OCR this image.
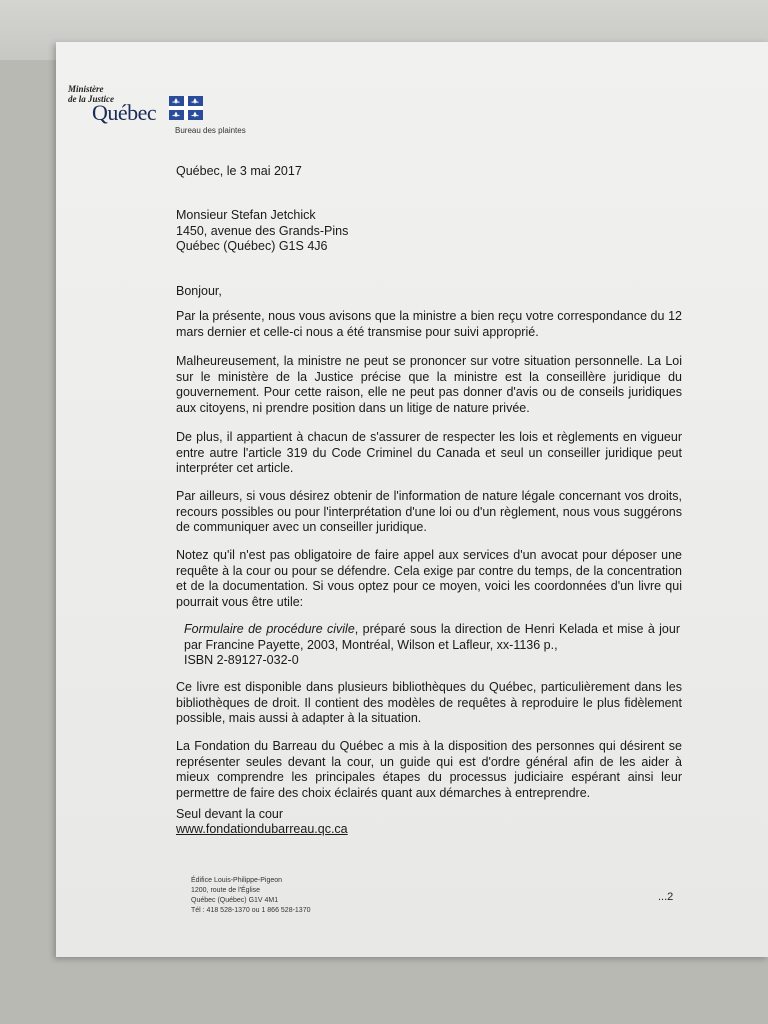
Ministère
de la Justice
Québec
Bureau des plaintes
Québec, le 3 mai 2017
Monsieur Stefan Jetchick
1450, avenue des Grands-Pins
Québec (Québec) G1S 4J6
Bonjour,
Par la présente, nous vous avisons que la ministre a bien reçu votre correspondance du 12 mars dernier et celle-ci nous a été transmise pour suivi approprié.
Malheureusement, la ministre ne peut se prononcer sur votre situation personnelle. La Loi sur le ministère de la Justice précise que la ministre est la conseillère juridique du gouvernement. Pour cette raison, elle ne peut pas donner d'avis ou de conseils juridiques aux citoyens, ni prendre position dans un litige de nature privée.
De plus, il appartient à chacun de s'assurer de respecter les lois et règlements en vigueur entre autre l'article 319 du Code Criminel du Canada et seul un conseiller juridique peut interpréter cet article.
Par ailleurs, si vous désirez obtenir de l'information de nature légale concernant vos droits, recours possibles ou pour l'interprétation d'une loi ou d'un règlement, nous vous suggérons de communiquer avec un conseiller juridique.
Notez qu'il n'est pas obligatoire de faire appel aux services d'un avocat pour déposer une requête à la cour ou pour se défendre. Cela exige par contre du temps, de la concentration et de la documentation. Si vous optez pour ce moyen, voici les coordonnées d'un livre qui pourrait vous être utile:
Formulaire de procédure civile, préparé sous la direction de Henri Kelada et mise à jour par Francine Payette, 2003, Montréal, Wilson et Lafleur, xx-1136 p.,
ISBN 2-89127-032-0
Ce livre est disponible dans plusieurs bibliothèques du Québec, particulièrement dans les bibliothèques de droit. Il contient des modèles de requêtes à reproduire le plus fidèlement possible, mais aussi à adapter à la situation.
La Fondation du Barreau du Québec a mis à la disposition des personnes qui désirent se représenter seules devant la cour, un guide qui est d'ordre général afin de les aider à mieux comprendre les principales étapes du processus judiciaire espérant ainsi leur permettre de faire des choix éclairés quant aux démarches à entreprendre.
Seul devant la cour
www.fondationdubarreau.qc.ca
Édifice Louis-Philippe-Pigeon
1200, route de l'Église
Québec (Québec) G1V 4M1
Tél : 418 528-1370 ou 1 866 528-1370
...2
